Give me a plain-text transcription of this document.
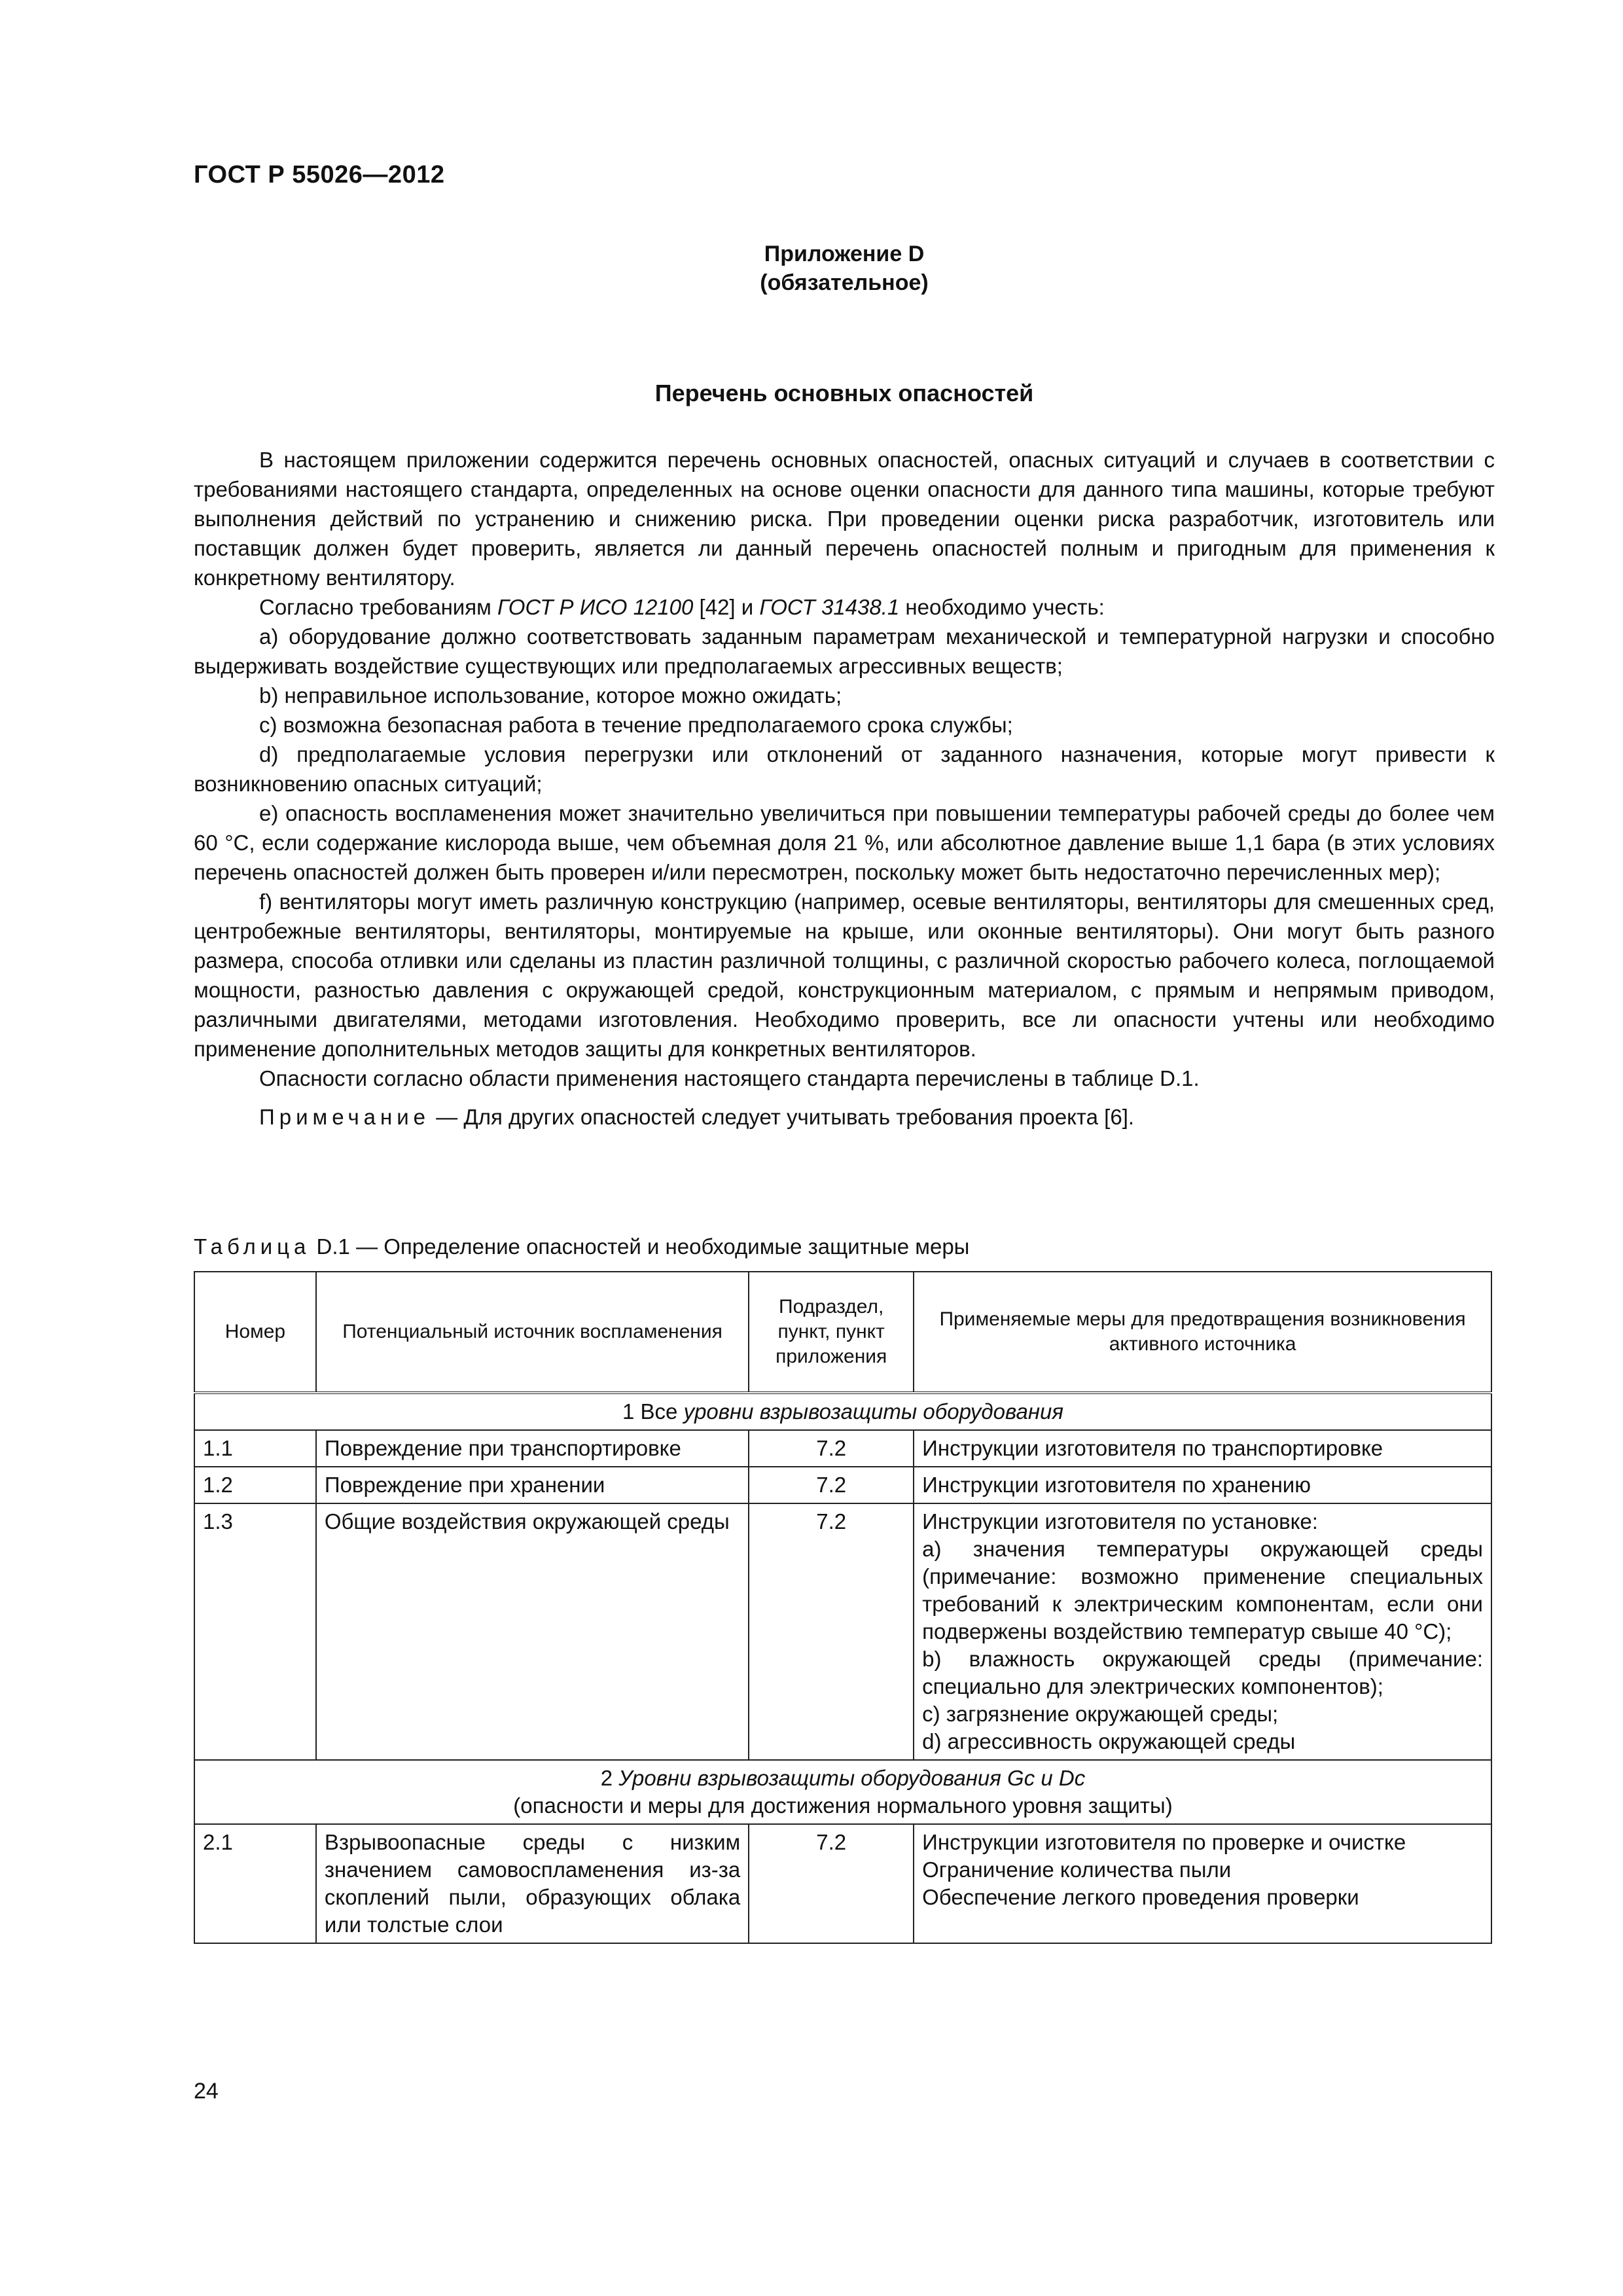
ГОСТ Р 55026—2012
Приложение D
(обязательное)
Перечень основных опасностей

В настоящем приложении содержится перечень основных опасностей, опасных ситуаций и случаев в соответствии с требованиями настоящего стандарта, определенных на основе оценки опасности для данного типа машины, которые требуют выполнения действий по устранению и снижению риска. При проведении оценки риска разработчик, изготовитель или поставщик должен будет проверить, является ли данный перечень опасностей полным и пригодным для применения к конкретному вентилятору.

Согласно требованиям ГОСТ Р ИСО 12100 [42] и ГОСТ 31438.1 необходимо учесть:

a) оборудование должно соответствовать заданным параметрам механической и температурной нагрузки и способно выдерживать воздействие существующих или предполагаемых агрессивных веществ;

b) неправильное использование, которое можно ожидать;

c) возможна безопасная работа в течение предполагаемого срока службы;

d) предполагаемые условия перегрузки или отклонений от заданного назначения, которые могут привести к возникновению опасных ситуаций;

e) опасность воспламенения может значительно увеличиться при повышении температуры рабочей среды до более чем 60 °С, если содержание кислорода выше, чем объемная доля 21 %, или абсолютное давление выше 1,1 бара (в этих условиях перечень опасностей должен быть проверен и/или пересмотрен, поскольку может быть недостаточно перечисленных мер);

f) вентиляторы могут иметь различную конструкцию (например, осевые вентиляторы, вентиляторы для смешенных сред, центробежные вентиляторы, вентиляторы, монтируемые на крыше, или оконные вентиляторы). Они могут быть разного размера, способа отливки или сделаны из пластин различной толщины, с различной скоростью рабочего колеса, поглощаемой мощности, разностью давления с окружающей средой, конструкционным материалом, с прямым и непрямым приводом, различными двигателями, методами изготовления. Необходимо проверить, все ли опасности учтены или необходимо применение дополнительных методов защиты для конкретных вентиляторов.

Опасности согласно области применения настоящего стандарта перечислены в таблице D.1.

Примечание — Для других опасностей следует учитывать требования проекта [6].

Таблица D.1 — Определение опасностей и необходимые защитные меры
Номер	Потенциальный источник воспламенения	Подраздел, пункт, пункт приложения	Применяемые меры для предотвращения возникновения активного источника
1 Все уровни взрывозащиты оборудования			
1.1	Повреждение при транспортировке	7.2	Инструкции изготовителя по транспортировке
1.2	Повреждение при хранении	7.2	Инструкции изготовителя по хранению
1.3	Общие воздействия окружающей среды	7.2	Инструкции изготовителя по установке:
а) значения температуры окружающей среды (примечание: возможно применение специальных требований к электрическим компонентам, если они подвержены воздействию температур свыше 40 °С);
b) влажность окружающей среды (примечание: специально для электрических компонентов);
c) загрязнение окружающей среды;
d) агрессивность окружающей среды

2 Уровни взрывозащиты оборудования Gc и Dc
(опасности и меры для достижения нормального уровня защиты)			

2.1	Взрывоопасные среды с низким значением самовоспламенения из-за скоплений пыли, образующих облака или толстые слои	7.2	Инструкции изготовителя по проверке и очистке
Ограничение количества пыли
Обеспечение легкого проведения проверки
24
